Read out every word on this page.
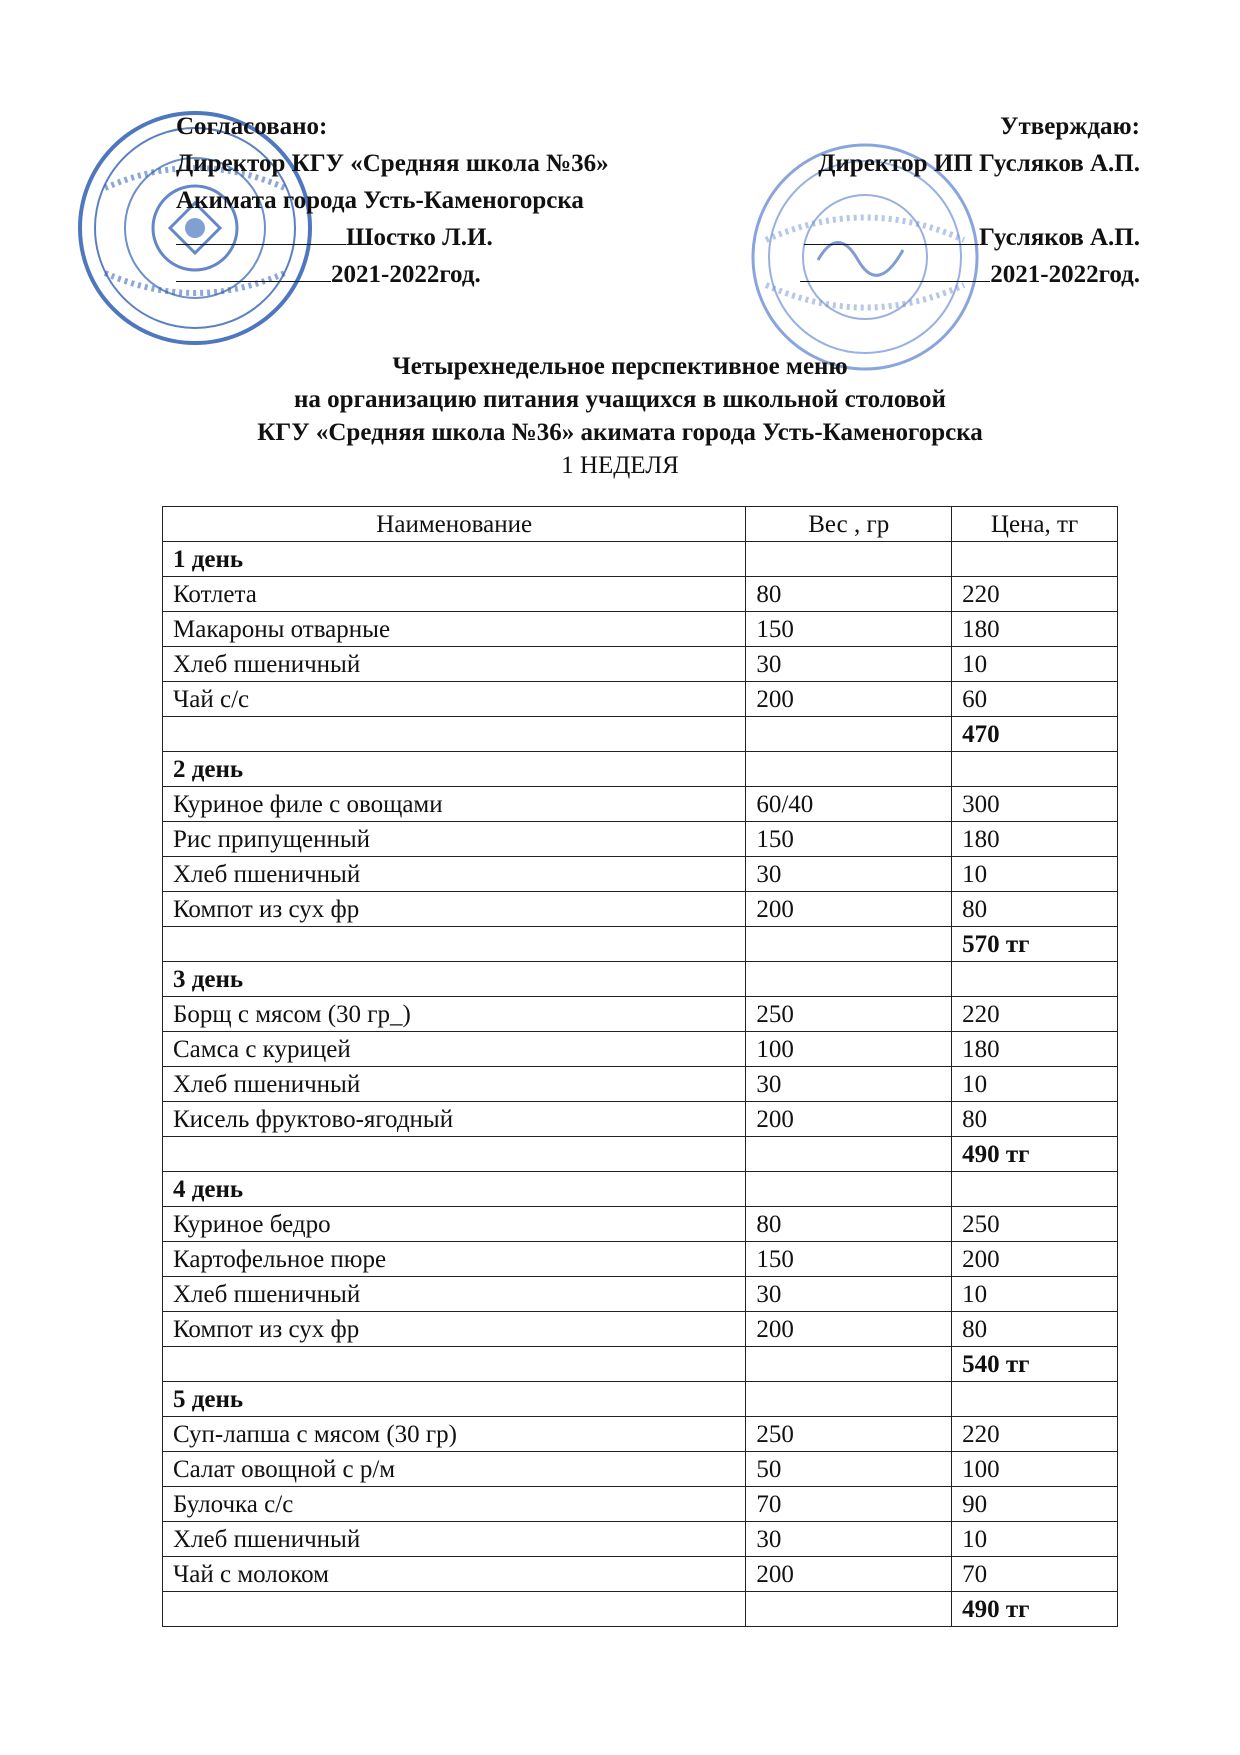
Согласовано:
Директор КГУ «Средняя школа №36»
Акимата города Усть-Каменогорска
Шостко Л.И.
2021-2022год.
Утверждаю:
Директор ИП Гусляков А.П.
Гусляков А.П.
2021-2022год.
Четырехнедельное перспективное меню
на организацию питания учащихся в школьной столовой
КГУ «Средняя школа №36» акимата города Усть-Каменогорска
1 НЕДЕЛЯ
Наименование	Вес , гр	Цена, тг
1 день		
Котлета	80	220
Макароны отварные	150	180
Хлеб пшеничный	30	10
Чай с/с	200	60
		470
2 день		
Куриное филе с овощами	60/40	300
Рис припущенный	150	180
Хлеб пшеничный	30	10
Компот из сух фр	200	80
		570 тг
3 день		
Борщ с мясом (30 гр_)	250	220
Самса с курицей	100	180
Хлеб пшеничный	30	10
Кисель фруктово-ягодный	200	80
		490 тг
4 день		
Куриное бедро	80	250
Картофельное пюре	150	200
Хлеб пшеничный	30	10
Компот из сух фр	200	80
		540 тг
5 день		
Суп-лапша с мясом (30 гр)	250	220
Салат овощной с р/м	50	100
Булочка с/с	70	90
Хлеб пшеничный	30	10
Чай с молоком	200	70
		490 тг
